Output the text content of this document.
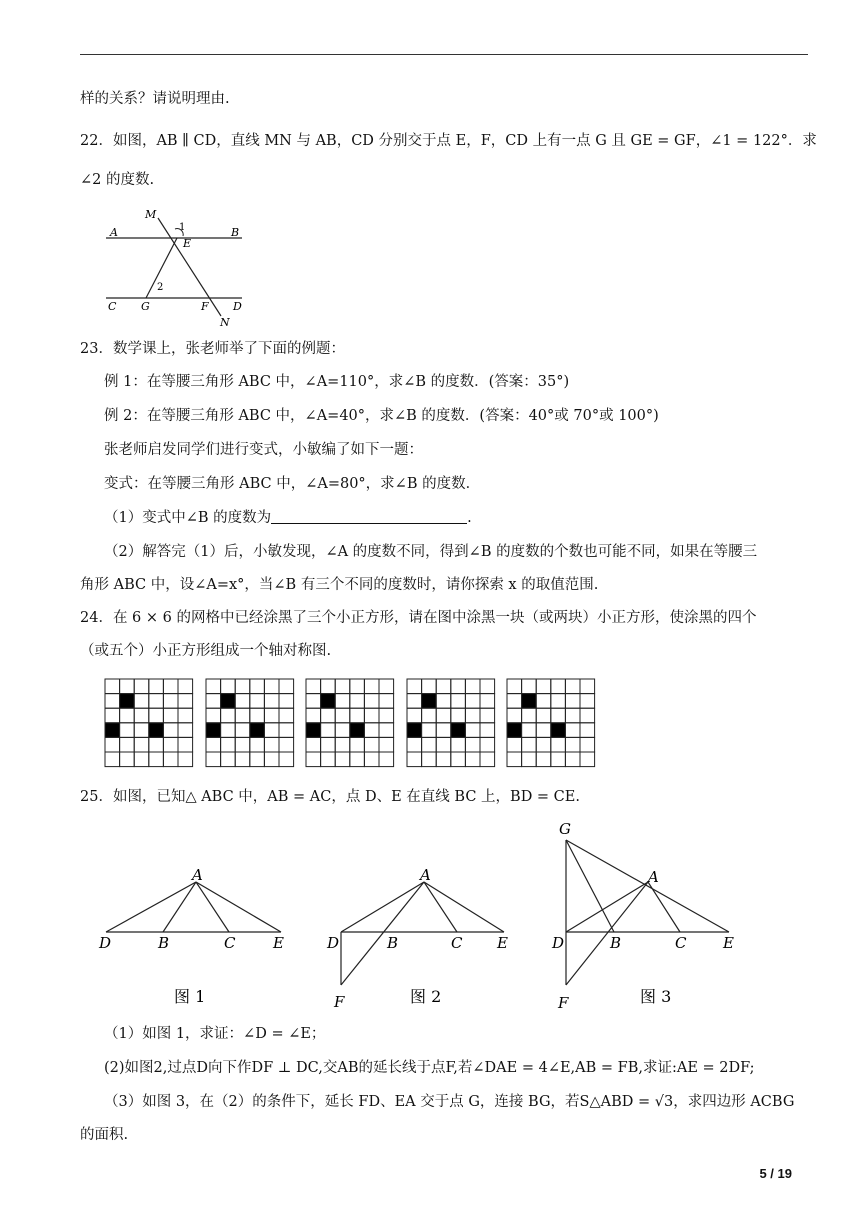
样的关系？请说明理由.
22．如图，AB ∥ CD，直线 MN 与 AB，CD 分别交于点 E，F，CD 上有一点 G 且 GE = GF，∠1 = 122°．求
∠2 的度数.
M
A	1
E
B
2
C G	F D
N
23．数学课上，张老师举了下面的例题：
例 1：在等腰三角形 ABC 中，∠A=110°，求∠B 的度数．(答案：35°)
例 2：在等腰三角形 ABC 中，∠A=40°，求∠B 的度数．(答案：40°或 70°或 100°)
张老师启发同学们进行变式，小敏编了如下一题：
变式：在等腰三角形 ABC 中，∠A=80°，求∠B 的度数．
（1）变式中∠B 的度数为	.
（2）解答完（1）后，小敏发现，∠A 的度数不同，得到∠B 的度数的个数也可能不同，如果在等腰三
角形 ABC 中，设∠A=x°，当∠B 有三个不同的度数时，请你探索 x 的取值范围.
24．在 6 × 6 的网格中已经涂黑了三个小正方形，请在图中涂黑一块（或两块）小正方形，使涂黑的四个
（或五个）小正方形组成一个轴对称图.
25．如图，已知△ ABC 中，AB = AC，点 D、E 在直线 BC 上，BD = CE.
A
D	B	C	E
图 1
A
D	B	C E
F	图 2
G
A
D	B	C E
F	图 3
（1）如图 1，求证：∠D = ∠E；
(2)如图2,过点D向下作DF ⊥ DC,交AB的延长线于点F,若∠DAE = 4∠E,AB = FB,求证:AE = 2DF;
（3）如图 3，在（2）的条件下，延长 FD、EA 交于点 G，连接 BG，若S△ABD = √3，求四边形 ACBG
的面积.
5 / 19
